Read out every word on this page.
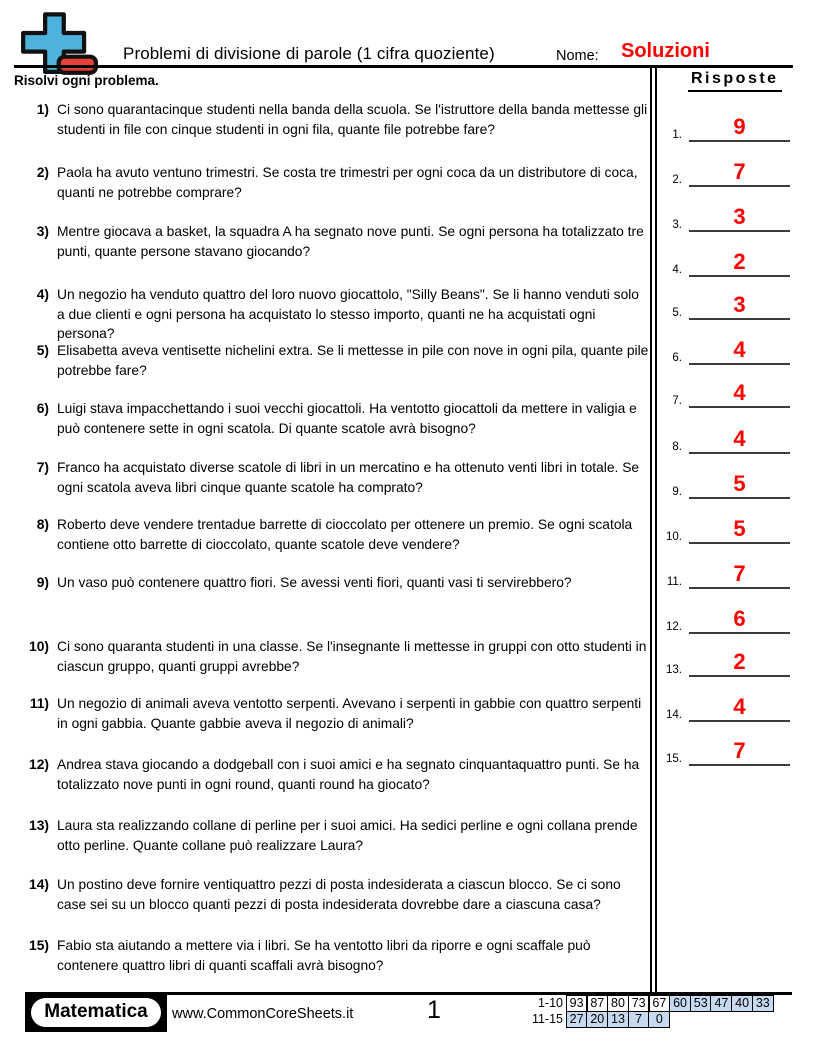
Problemi di divisione di parole (1 cifra quoziente)	Nome: Soluzioni
Risolvi ogni problema.	Risposte
1.	9
2.	7
3.	3
4.	2
5.	3
6.	4
7.	4
8.	4
9.	5
10.	5
11.	7
12.	6
13.	2
14.	4
15.	7
1) Ci sono quarantacinque studenti nella banda della scuola. Se l'istruttore della banda mettesse gli studenti in file con cinque studenti in ogni fila, quante file potrebbe fare?
2) Paola ha avuto ventuno trimestri. Se costa tre trimestri per ogni coca da un distributore di coca, quanti ne potrebbe comprare?
3) Mentre giocava a basket, la squadra A ha segnato nove punti. Se ogni persona ha totalizzato tre punti, quante persone stavano giocando?
4) Un negozio ha venduto quattro del loro nuovo giocattolo, "Silly Beans". Se li hanno venduti solo a due clienti e ogni persona ha acquistato lo stesso importo, quanti ne ha acquistati ogni persona?
5) Elisabetta aveva ventisette nichelini extra. Se li mettesse in pile con nove in ogni pila, quante pile potrebbe fare?
6) Luigi stava impacchettando i suoi vecchi giocattoli. Ha ventotto giocattoli da mettere in valigia e può contenere sette in ogni scatola. Di quante scatole avrà bisogno?
7) Franco ha acquistato diverse scatole di libri in un mercatino e ha ottenuto venti libri in totale. Se ogni scatola aveva libri cinque quante scatole ha comprato?
8) Roberto deve vendere trentadue barrette di cioccolato per ottenere un premio. Se ogni scatola contiene otto barrette di cioccolato, quante scatole deve vendere?
9) Un vaso può contenere quattro fiori. Se avessi venti fiori, quanti vasi ti servirebbero?
10) Ci sono quaranta studenti in una classe. Se l'insegnante li mettesse in gruppi con otto studenti in ciascun gruppo, quanti gruppi avrebbe?
11) Un negozio di animali aveva ventotto serpenti. Avevano i serpenti in gabbie con quattro serpenti in ogni gabbia. Quante gabbie aveva il negozio di animali?
12) Andrea stava giocando a dodgeball con i suoi amici e ha segnato cinquantaquattro punti. Se ha totalizzato nove punti in ogni round, quanti round ha giocato?
13) Laura sta realizzando collane di perline per i suoi amici. Ha sedici perline e ogni collana prende otto perline. Quante collane può realizzare Laura?
14) Un postino deve fornire ventiquattro pezzi di posta indesiderata a ciascun blocco. Se ci sono case sei su un blocco quanti pezzi di posta indesiderata dovrebbe dare a ciascuna casa?
15) Fabio sta aiutando a mettere via i libri. Se ha ventotto libri da riporre e ogni scaffale può contenere quattro libri di quanti scaffali avrà bisogno?
Matematica	www.CommonCoreSheets.it	1	1-10 93 87 80 73 67 60 53 47 40 33
11-15 27 20 13 7	0
